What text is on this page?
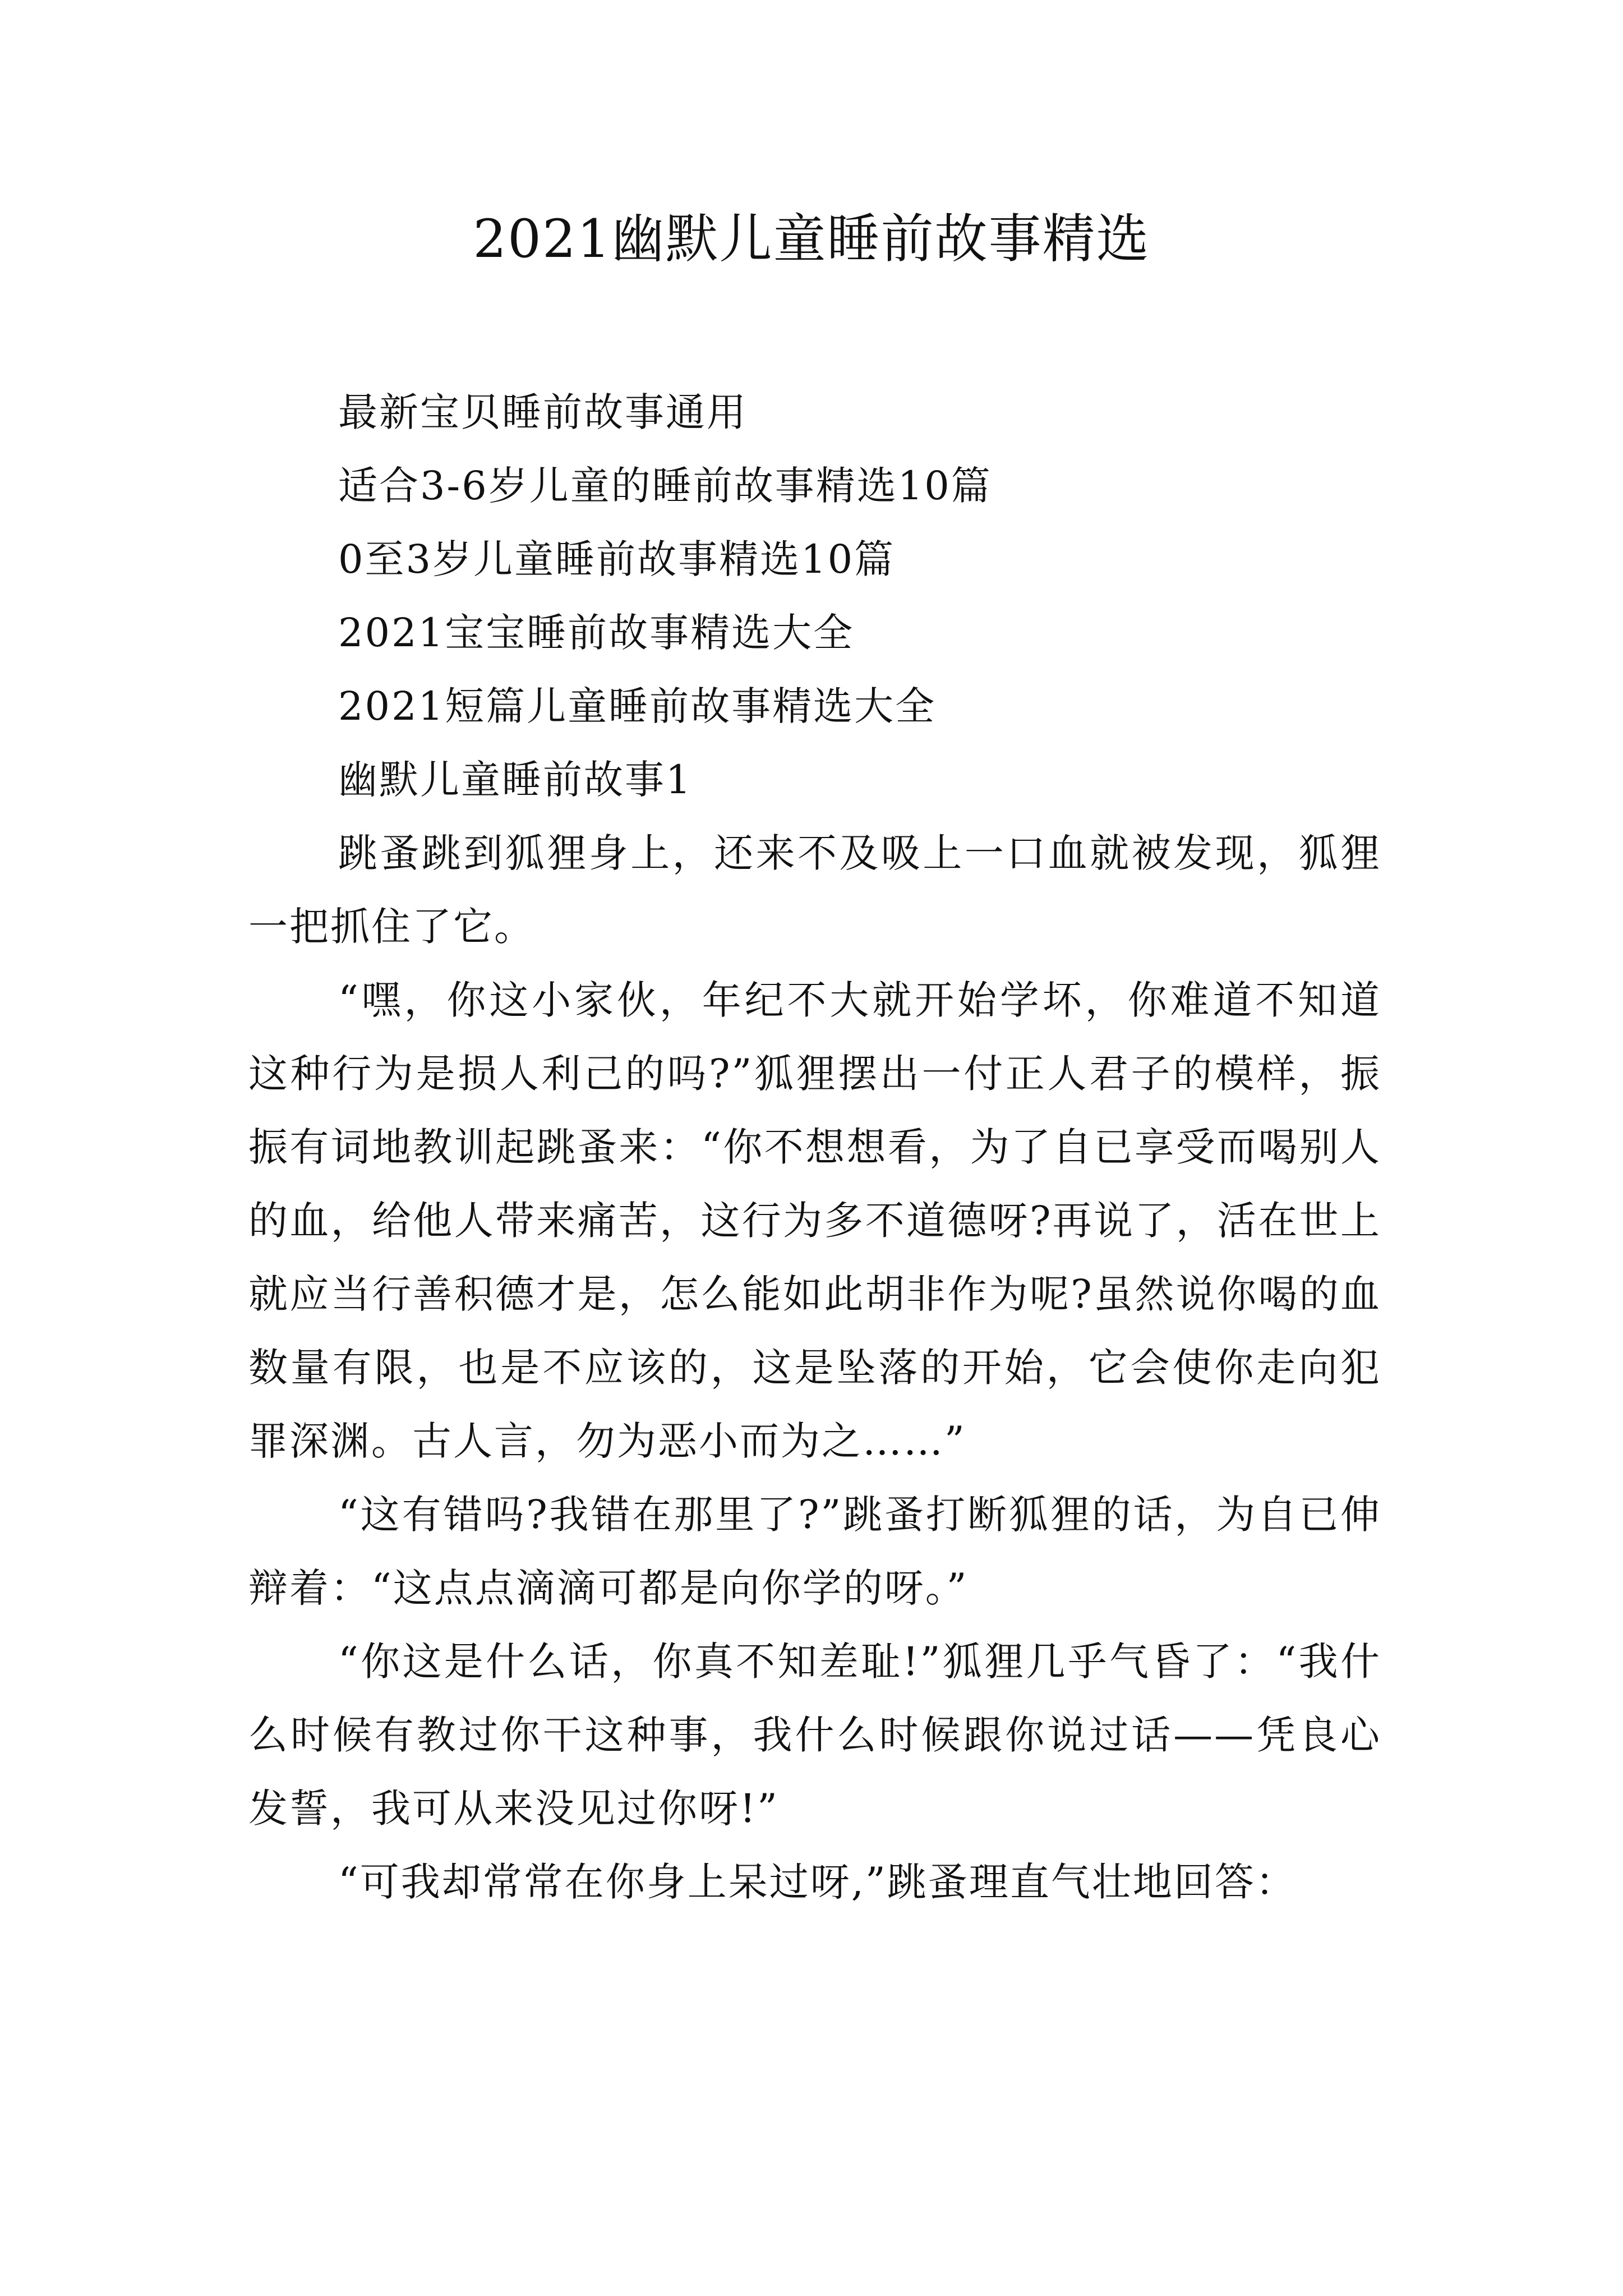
2021幽默儿童睡前故事精选

最新宝贝睡前故事通用

适合3-6岁儿童的睡前故事精选10篇

0至3岁儿童睡前故事精选10篇

2021宝宝睡前故事精选大全

2021短篇儿童睡前故事精选大全

幽默儿童睡前故事1

跳蚤跳到狐狸身上，还来不及吸上一口血就被发现，狐狸一把抓住了它。

“嘿，你这小家伙，年纪不大就开始学坏，你难道不知道这种行为是损人利己的吗?”狐狸摆出一付正人君子的模样，振振有词地教训起跳蚤来：“你不想想看，为了自已享受而喝别人的血，给他人带来痛苦，这行为多不道德呀?再说了，活在世上就应当行善积德才是，怎么能如此胡非作为呢?虽然说你喝的血数量有限，也是不应该的，这是坠落的开始，它会使你走向犯罪深渊。古人言，勿为恶小而为之……”

“这有错吗?我错在那里了?”跳蚤打断狐狸的话，为自已伸辩着：“这点点滴滴可都是向你学的呀。”

“你这是什么话，你真不知差耻!”狐狸几乎气昏了：“我什么时候有教过你干这种事，我什么时候跟你说过话——凭良心发誓，我可从来没见过你呀!”

“可我却常常在你身上呆过呀,”跳蚤理直气壮地回答：
